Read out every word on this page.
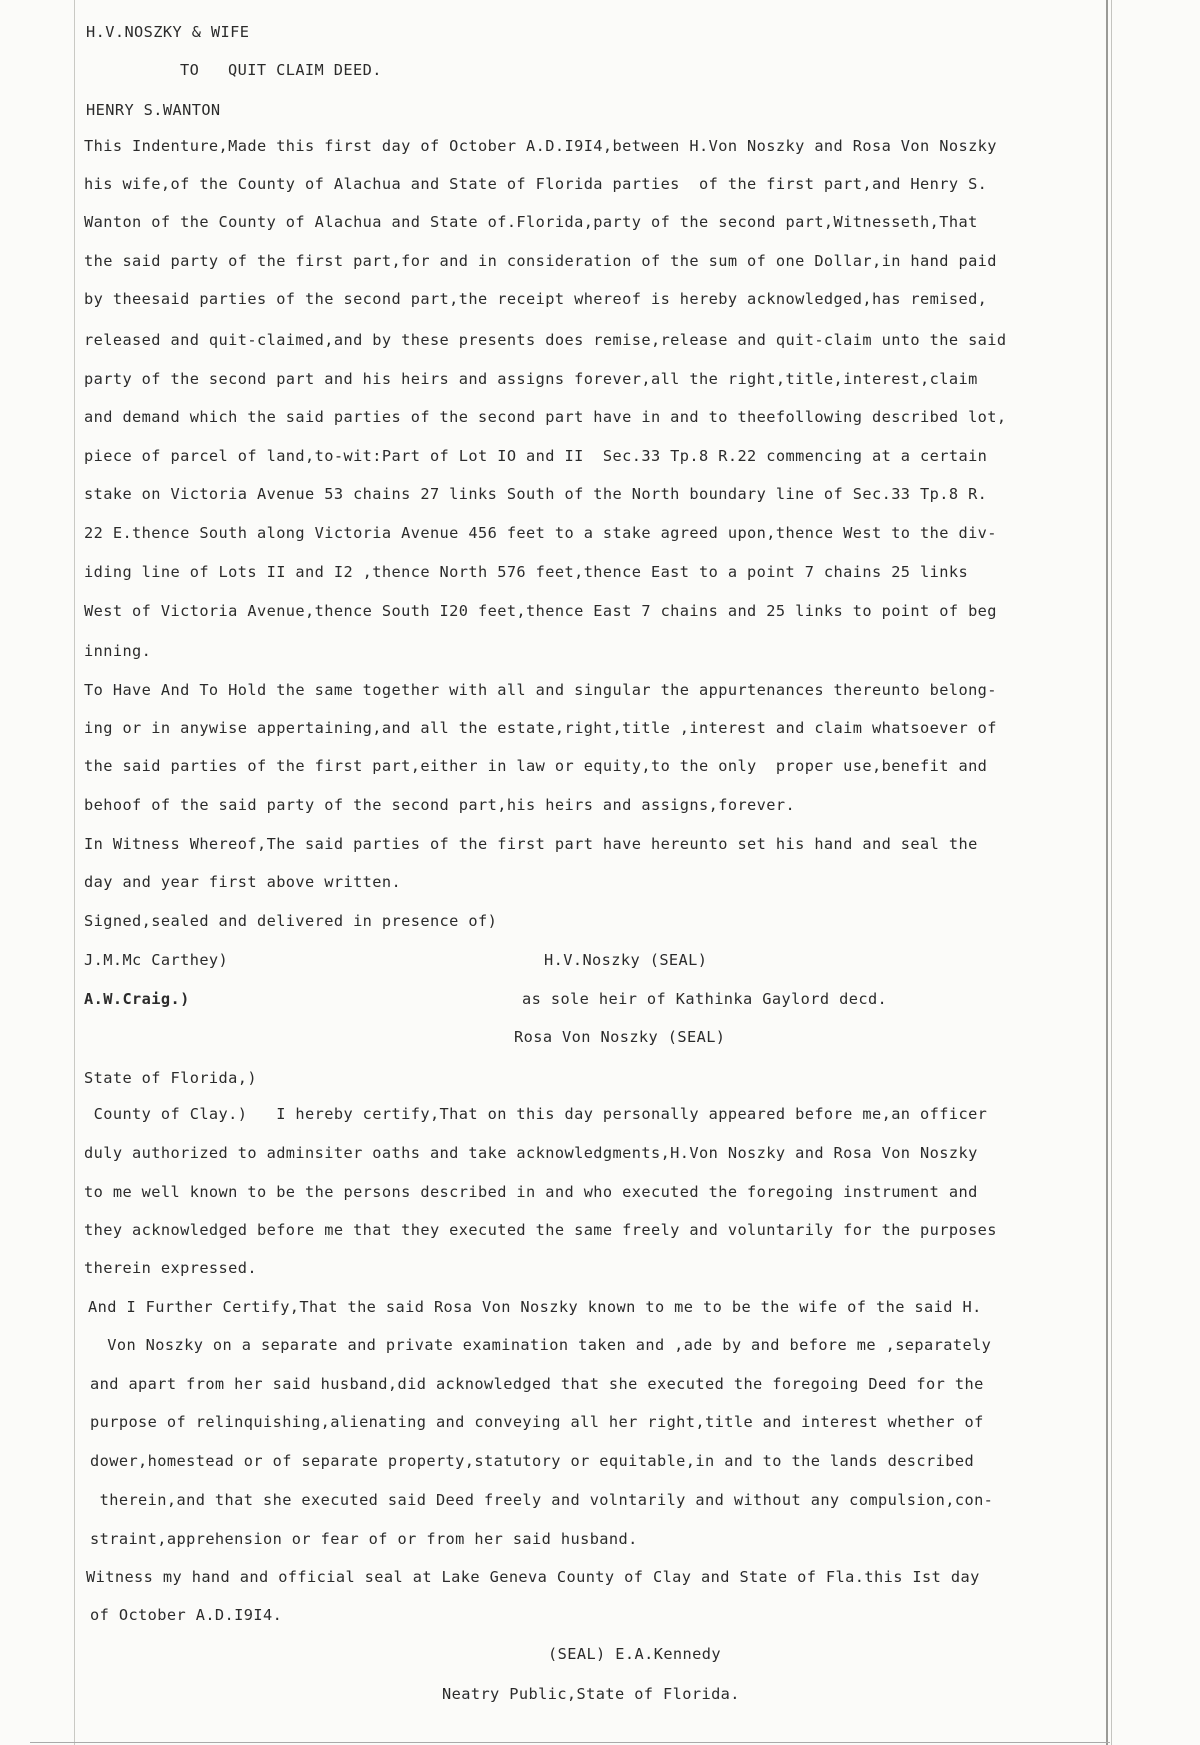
H.V.NOSZKY & WIFE
TO   QUIT CLAIM DEED.
HENRY S.WANTON
This Indenture,Made this first day of October A.D.I9I4,between H.Von Noszky and Rosa Von Noszky
his wife,of the County of Alachua and State of Florida parties  of the first part,and Henry S.
Wanton of the County of Alachua and State of.Florida,party of the second part,Witnesseth,That
the said party of the first part,for and in consideration of the sum of one Dollar,in hand paid
by theesaid parties of the second part,the receipt whereof is hereby acknowledged,has remised,
released and quit-claimed,and by these presents does remise,release and quit-claim unto the said
party of the second part and his heirs and assigns forever,all the right,title,interest,claim
and demand which the said parties of the second part have in and to theefollowing described lot,
piece of parcel of land,to-wit:Part of Lot IO and II  Sec.33 Tp.8 R.22 commencing at a certain
stake on Victoria Avenue 53 chains 27 links South of the North boundary line of Sec.33 Tp.8 R.
22 E.thence South along Victoria Avenue 456 feet to a stake agreed upon,thence West to the div-
iding line of Lots II and I2 ,thence North 576 feet,thence East to a point 7 chains 25 links
West of Victoria Avenue,thence South I20 feet,thence East 7 chains and 25 links to point of beg
inning.
To Have And To Hold the same together with all and singular the appurtenances thereunto belong-
ing or in anywise appertaining,and all the estate,right,title ,interest and claim whatsoever of
the said parties of the first part,either in law or equity,to the only  proper use,benefit and
behoof of the said party of the second part,his heirs and assigns,forever.
In Witness Whereof,The said parties of the first part have hereunto set his hand and seal the
day and year first above written.
Signed,sealed and delivered in presence of)
J.M.Mc Carthey)	H.V.Noszky (SEAL)
A.W.Craig.)	as sole heir of Kathinka Gaylord decd.
Rosa Von Noszky (SEAL)
State of Florida,)
County of Clay.)   I hereby certify,That on this day personally appeared before me,an officer
duly authorized to adminsiter oaths and take acknowledgments,H.Von Noszky and Rosa Von Noszky
to me well known to be the persons described in and who executed the foregoing instrument and
they acknowledged before me that they executed the same freely and voluntarily for the purposes
therein expressed.
And I Further Certify,That the said Rosa Von Noszky known to me to be the wife of the said H.
Von Noszky on a separate and private examination taken and ,ade by and before me ,separately
and apart from her said husband,did acknowledged that she executed the foregoing Deed for the
purpose of relinquishing,alienating and conveying all her right,title and interest whether of
dower,homestead or of separate property,statutory or equitable,in and to the lands described
therein,and that she executed said Deed freely and volntarily and without any compulsion,con-
straint,apprehension or fear of or from her said husband.
Witness my hand and official seal at Lake Geneva County of Clay and State of Fla.this Ist day
of October A.D.I9I4.
(SEAL) E.A.Kennedy
Neatry Public,State of Florida.
